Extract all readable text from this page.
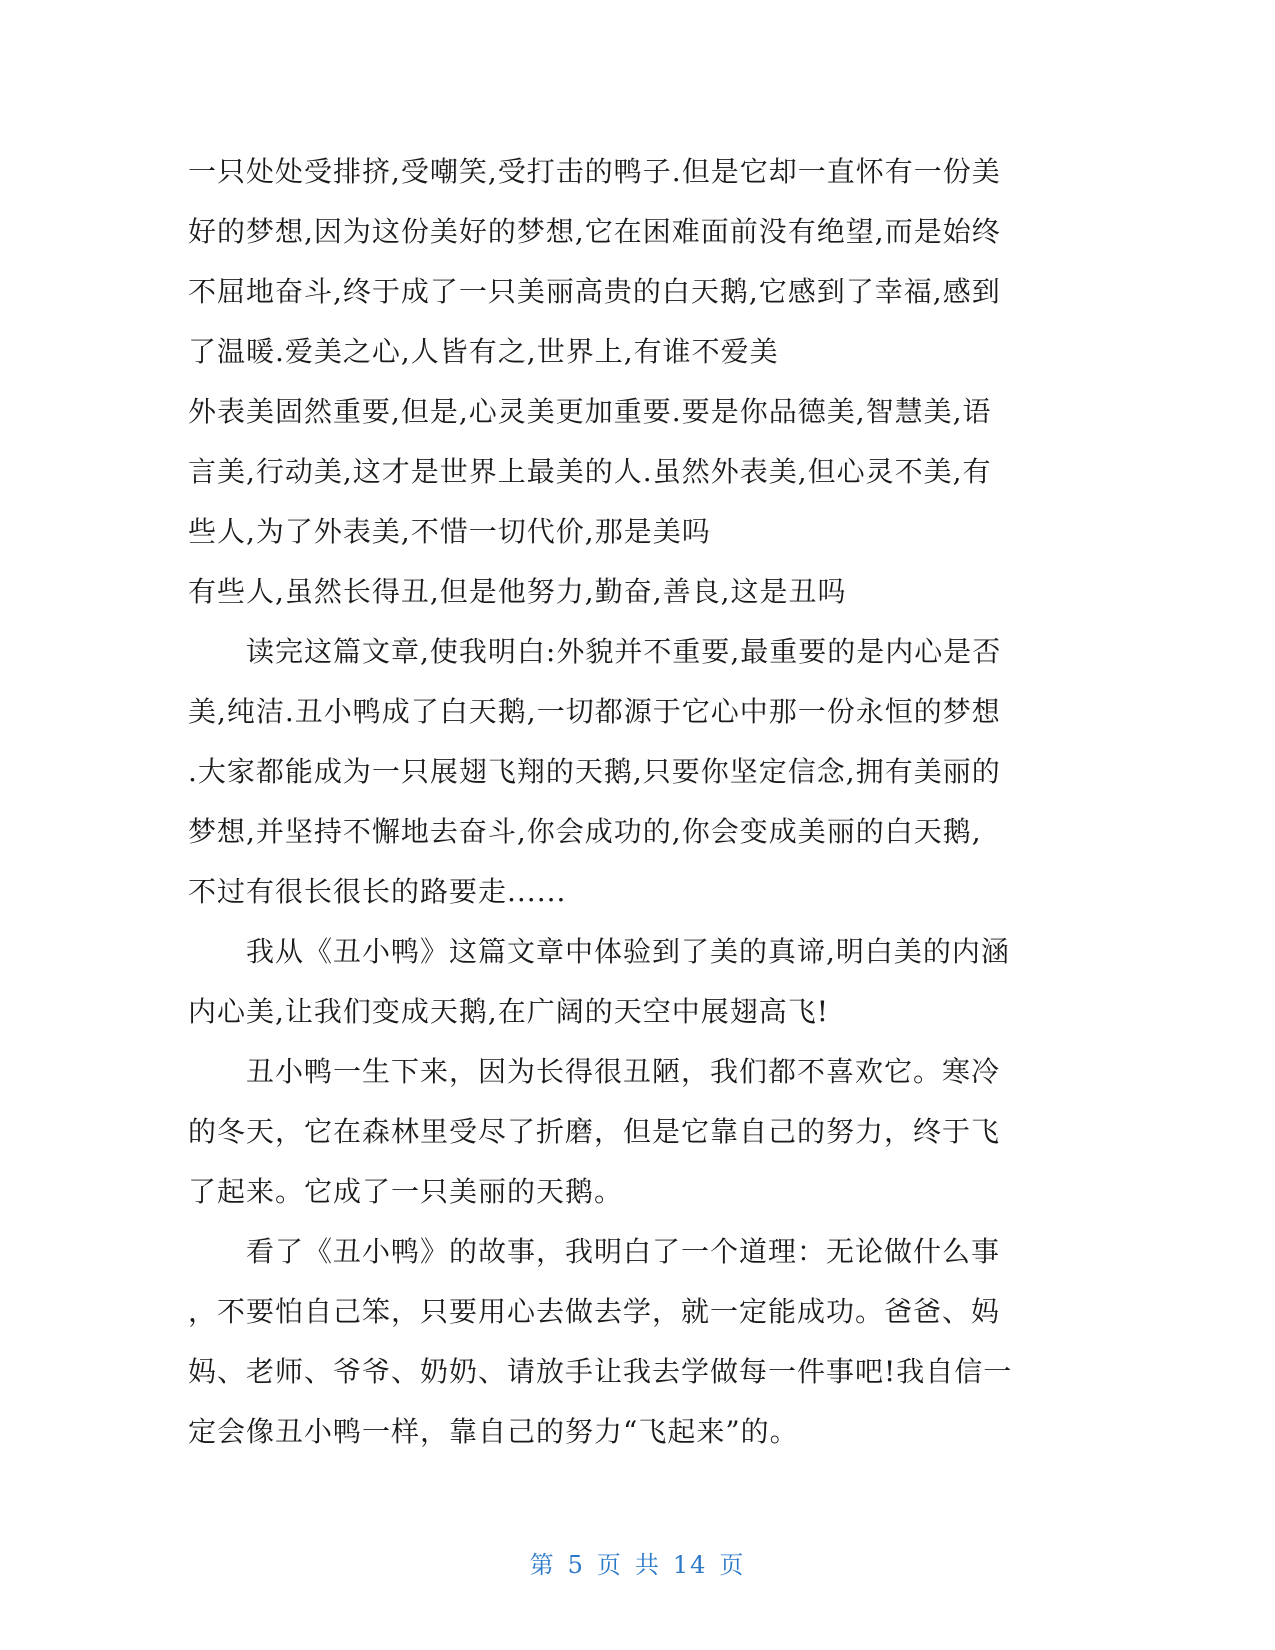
一只处处受排挤,受嘲笑,受打击的鸭子.但是它却一直怀有一份美
好的梦想,因为这份美好的梦想,它在困难面前没有绝望,而是始终
不屈地奋斗,终于成了一只美丽高贵的白天鹅,它感到了幸福,感到
了温暖.爱美之心,人皆有之,世界上,有谁不爱美
外表美固然重要,但是,心灵美更加重要.要是你品德美,智慧美,语
言美,行动美,这才是世界上最美的人.虽然外表美,但心灵不美,有
些人,为了外表美,不惜一切代价,那是美吗
有些人,虽然长得丑,但是他努力,勤奋,善良,这是丑吗
　　读完这篇文章,使我明白:外貌并不重要,最重要的是内心是否
美,纯洁.丑小鸭成了白天鹅,一切都源于它心中那一份永恒的梦想
.大家都能成为一只展翅飞翔的天鹅,只要你坚定信念,拥有美丽的
梦想,并坚持不懈地去奋斗,你会成功的,你会变成美丽的白天鹅,
不过有很长很长的路要走......
　　我从《丑小鸭》这篇文章中体验到了美的真谛,明白美的内涵
内心美,让我们变成天鹅,在广阔的天空中展翅高飞!
　　丑小鸭一生下来，因为长得很丑陋，我们都不喜欢它。寒冷
的冬天，它在森林里受尽了折磨，但是它靠自己的努力，终于飞
了起来。它成了一只美丽的天鹅。
　　看了《丑小鸭》的故事，我明白了一个道理：无论做什么事
，不要怕自己笨，只要用心去做去学，就一定能成功。爸爸、妈
妈、老师、爷爷、奶奶、请放手让我去学做每一件事吧!我自信一
定会像丑小鸭一样，靠自己的努力“飞起来”的。
第 5 页 共 14 页
